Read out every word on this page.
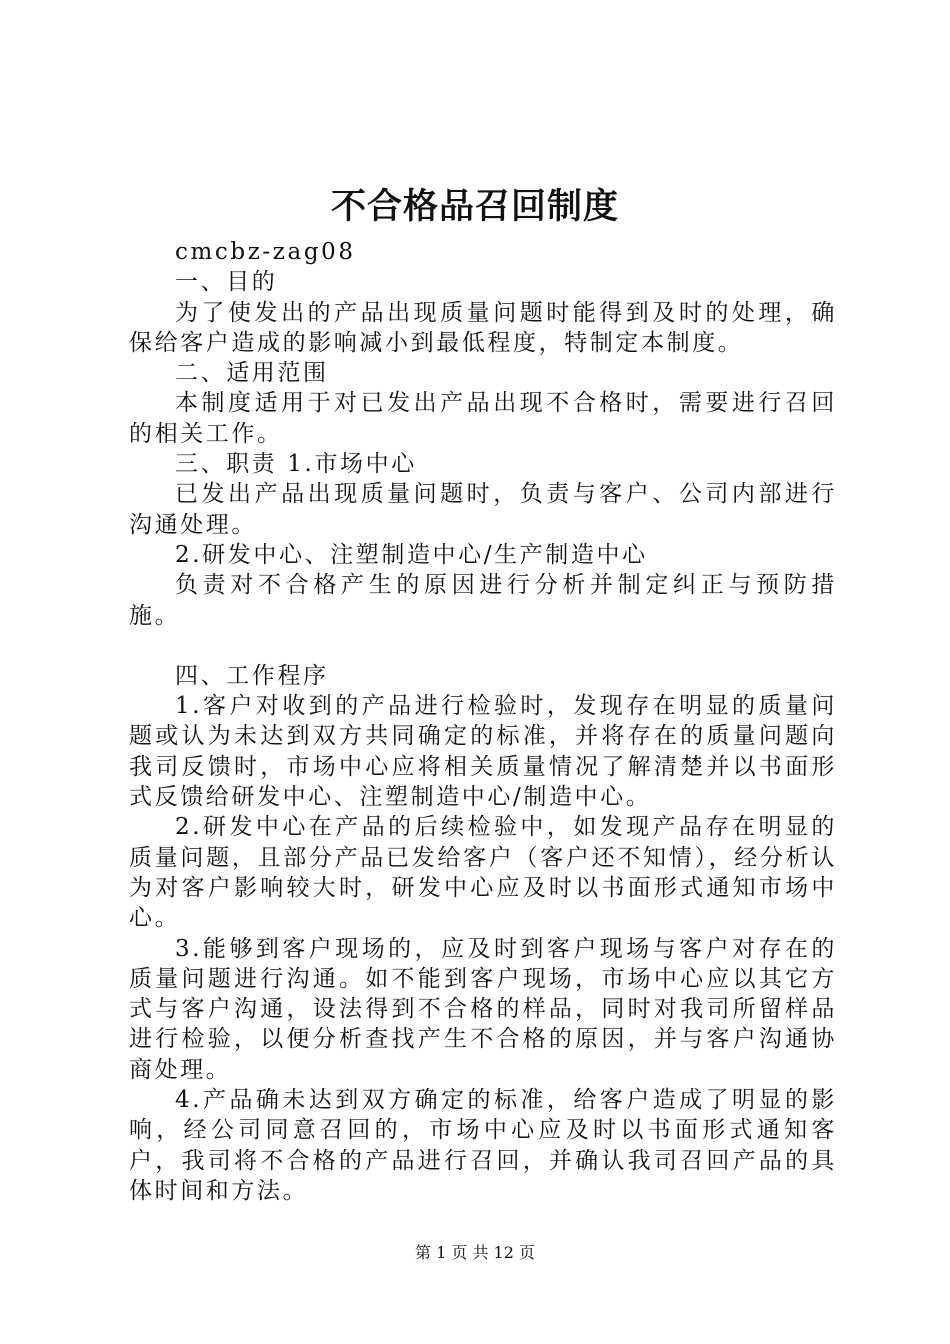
不合格品召回制度

cmcbz-zag08

一、目的

为了使发出的产品出现质量问题时能得到及时的处理，确保给客户造成的影响减小到最低程度，特制定本制度。

二、适用范围

本制度适用于对已发出产品出现不合格时，需要进行召回的相关工作。

三、职责 1.市场中心

已发出产品出现质量问题时，负责与客户、公司内部进行沟通处理。

2.研发中心、注塑制造中心/生产制造中心

负责对不合格产生的原因进行分析并制定纠正与预防措施。

四、工作程序

1.客户对收到的产品进行检验时，发现存在明显的质量问题或认为未达到双方共同确定的标准，并将存在的质量问题向我司反馈时，市场中心应将相关质量情况了解清楚并以书面形式反馈给研发中心、注塑制造中心/制造中心。

2.研发中心在产品的后续检验中，如发现产品存在明显的质量问题，且部分产品已发给客户（客户还不知情），经分析认为对客户影响较大时，研发中心应及时以书面形式通知市场中心。

3.能够到客户现场的，应及时到客户现场与客户对存在的质量问题进行沟通。如不能到客户现场，市场中心应以其它方式与客户沟通，设法得到不合格的样品，同时对我司所留样品进行检验，以便分析查找产生不合格的原因，并与客户沟通协商处理。

4.产品确未达到双方确定的标准，给客户造成了明显的影响，经公司同意召回的，市场中心应及时以书面形式通知客户，我司将不合格的产品进行召回，并确认我司召回产品的具体时间和方法。

第 1 页 共 12 页
